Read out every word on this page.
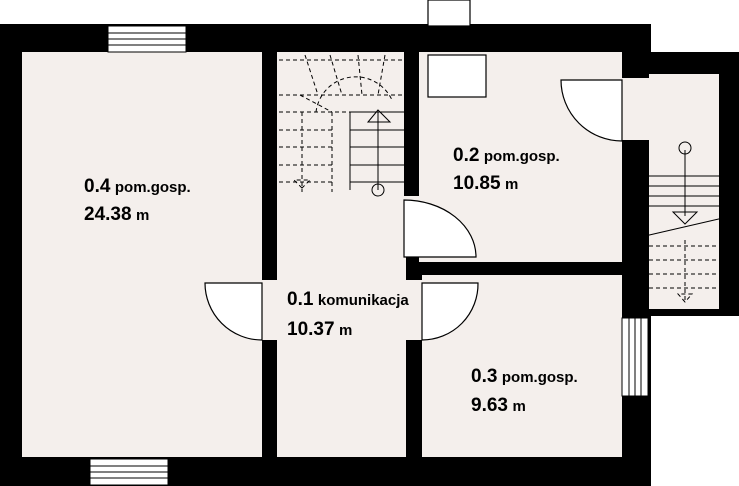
0.4 pom.gosp.
24.38 m
0.2 pom.gosp.
10.85 m
0.1 komunikacja
10.37 m
0.3 pom.gosp.
9.63 m
